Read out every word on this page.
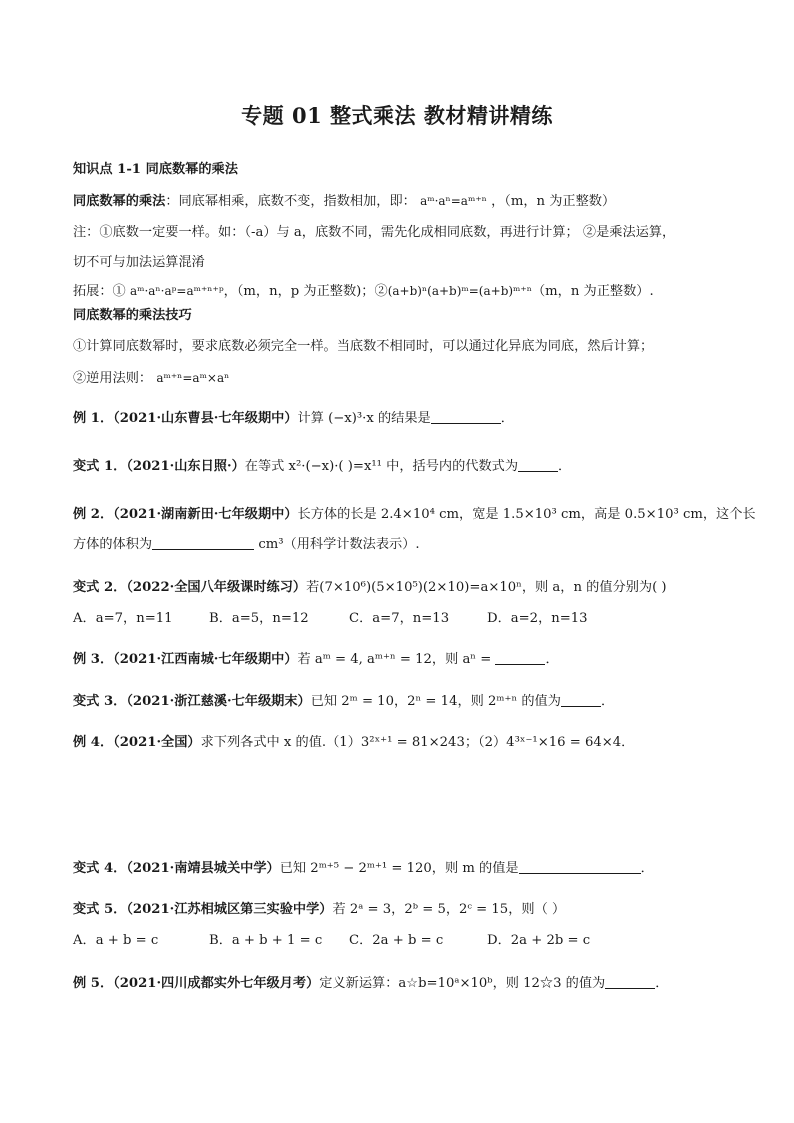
专题 01 整式乘法 教材精讲精练
知识点 1-1 同底数幂的乘法
同底数幂的乘法：同底幂相乘，底数不变，指数相加，即： aᵐ·aⁿ=aᵐ⁺ⁿ ，（m，n 为正整数）
注：①底数一定要一样。如：（-a）与 a，底数不同，需先化成相同底数，再进行计算； ②是乘法运算，
切不可与加法运算混淆
拓展：① aᵐ·aⁿ·aᵖ=aᵐ⁺ⁿ⁺ᵖ，（m，n，p 为正整数)；②(a+b)ⁿ(a+b)ᵐ=(a+b)ᵐ⁺ⁿ（m，n 为正整数）.
同底数幂的乘法技巧
①计算同底数幂时，要求底数必须完全一样。当底数不相同时，可以通过化异底为同底，然后计算；
②逆用法则： aᵐ⁺ⁿ=aᵐ×aⁿ
例 1．（2021·山东曹县·七年级期中）计算 (−x)³·x 的结果是	．
变式 1．（2021·山东日照·）在等式 x²·(−x)·( )=x¹¹ 中，括号内的代数式为	．
例 2．（2021·湖南新田·七年级期中）长方体的长是 2.4×10⁴ cm，宽是 1.5×10³ cm，高是 0.5×10³ cm，这个长
方体的体积为	cm³（用科学计数法表示）.
变式 2．（2022·全国八年级课时练习）若(7×10⁶)(5×10⁵)(2×10)=a×10ⁿ，则 a，n 的值分别为( )
A．a=7，n=11	B．a=5，n=12	C．a=7，n=13	D．a=2，n=13
例 3．（2021·江西南城·七年级期中）若 aᵐ = 4, aᵐ⁺ⁿ = 12，则 aⁿ =	．
变式 3．（2021·浙江慈溪·七年级期末）已知 2ᵐ = 10，2ⁿ = 14，则 2ᵐ⁺ⁿ 的值为	．
例 4．（2021·全国）求下列各式中 x 的值.（1）3²ˣ⁺¹ = 81×243；（2）4³ˣ⁻¹×16 = 64×4．
变式 4．（2021·南靖县城关中学）已知 2ᵐ⁺⁵ − 2ᵐ⁺¹ = 120，则 m 的值是	．
变式 5．（2021·江苏相城区第三实验中学）若 2ᵃ = 3，2ᵇ = 5，2ᶜ = 15，则（ ）
A．a + b = c	B．a + b + 1 = c C．2a + b = c	D．2a + 2b = c
例 5．（2021·四川成都实外七年级月考）定义新运算：a☆b=10ᵃ×10ᵇ，则 12☆3 的值为	．
